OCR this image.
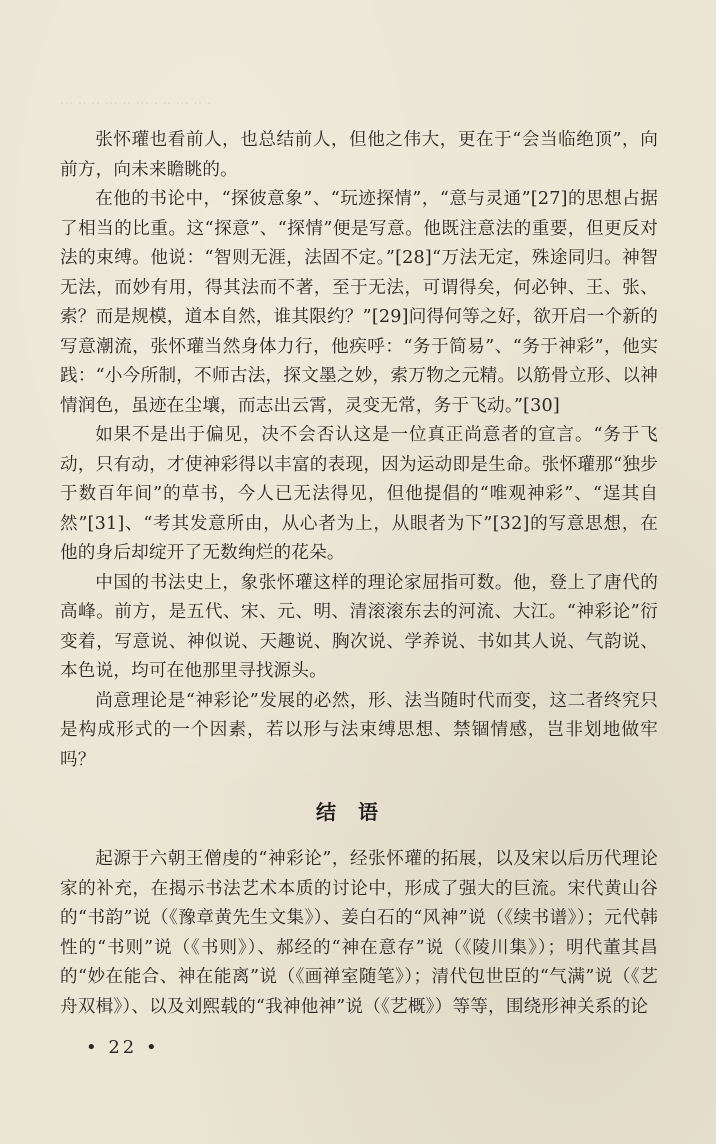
··· ·· ·· ··· ·· ··· · ·· ··· ·· ·

张怀瓘也看前人，也总结前人，但他之伟大，更在于“会当临绝顶”，向前方，向未来瞻眺的。

在他的书论中，“探彼意象”、“玩迹探情”，“意与灵通”[27]的思想占据了相当的比重。这“探意”、“探情”便是写意。他既注意法的重要，但更反对法的束缚。他说：“智则无涯，法固不定。”[28]“万法无定，殊途同归。神智无法，而妙有用，得其法而不著，至于无法，可谓得矣，何必钟、王、张、索？而是规模，道本自然，谁其限约？”[29]问得何等之好，欲开启一个新的写意潮流，张怀瓘当然身体力行，他疾呼：“务于简易”、“务于神彩”，他实践：“小今所制，不师古法，探文墨之妙，索万物之元精。以筋骨立形、以神情润色，虽迹在尘壤，而志出云霄，灵变无常，务于飞动。”[30]

如果不是出于偏见，决不会否认这是一位真正尚意者的宣言。“务于飞动，只有动，才使神彩得以丰富的表现，因为运动即是生命。张怀瓘那“独步于数百年间”的草书，今人已无法得见，但他提倡的“唯观神彩”、“逞其自然”[31]、“考其发意所由，从心者为上，从眼者为下”[32]的写意思想，在他的身后却绽开了无数绚烂的花朵。

中国的书法史上，象张怀瓘这样的理论家屈指可数。他，登上了唐代的高峰。前方，是五代、宋、元、明、清滚滚东去的河流、大江。“神彩论”衍变着，写意说、神似说、天趣说、胸次说、学养说、书如其人说、气韵说、本色说，均可在他那里寻找源头。

尚意理论是“神彩论”发展的必然，形、法当随时代而变，这二者终究只是构成形式的一个因素，若以形与法束缚思想、禁锢情感，岂非划地做牢吗？

结语

起源于六朝王僧虔的“神彩论”，经张怀瓘的拓展，以及宋以后历代理论家的补充，在揭示书法艺术本质的讨论中，形成了强大的巨流。宋代黄山谷的“书韵”说（《豫章黄先生文集》）、姜白石的“风神”说（《续书谱》）；元代韩性的“书则”说（《书则》）、郝经的“神在意存”说（《陵川集》）；明代董其昌的“妙在能合、神在能离”说（《画禅室随笔》）；清代包世臣的“气满”说（《艺舟双楫》）、以及刘熙载的“我神他神”说（《艺概》）等等，围绕形神关系的论

• 22 •
